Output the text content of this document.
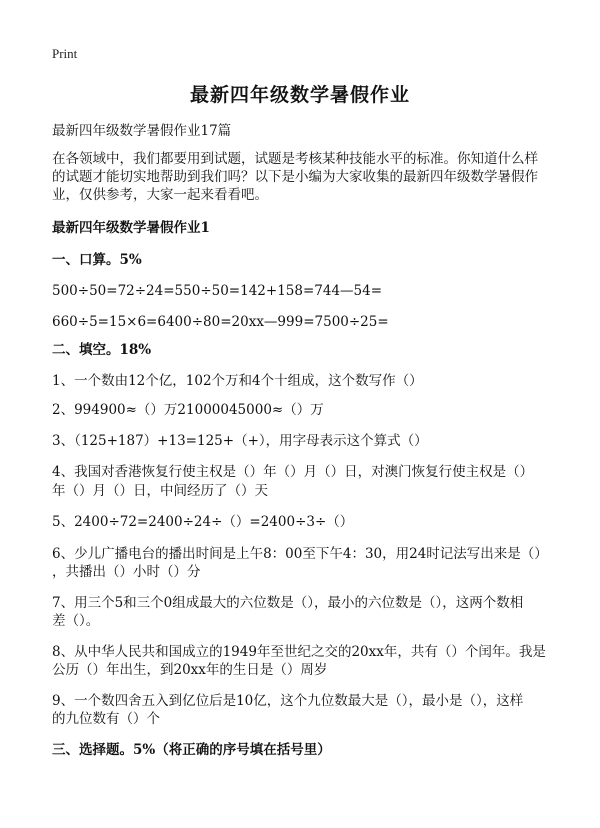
Print
最新四年级数学暑假作业
最新四年级数学暑假作业17篇
在各领域中，我们都要用到试题，试题是考核某种技能水平的标准。你知道什么样
的试题才能切实地帮助到我们吗？以下是小编为大家收集的最新四年级数学暑假作
业，仅供参考，大家一起来看看吧。
最新四年级数学暑假作业1
一、口算。5%
500÷50=72÷24=550÷50=142+158=744—54=
660÷5=15×6=6400÷80=20xx—999=7500÷25=
二、填空。18%
1、一个数由12个亿，102个万和4个十组成，这个数写作（）
2、994900≈（）万21000045000≈（）万
3、（125+187）+13=125+（+），用字母表示这个算式（）
4、我国对香港恢复行使主权是（）年（）月（）日，对澳门恢复行使主权是（）
年（）月（）日，中间经历了（）天
5、2400÷72=2400÷24÷（）=2400÷3÷（）
6、少儿广播电台的播出时间是上午8：00至下午4：30，用24时记法写出来是（）
，共播出（）小时（）分
7、用三个5和三个0组成最大的六位数是（），最小的六位数是（），这两个数相
差（）。
8、从中华人民共和国成立的1949年至世纪之交的20xx年，共有（）个闰年。我是
公历（）年出生，到20xx年的生日是（）周岁
9、一个数四舍五入到亿位后是10亿，这个九位数最大是（），最小是（），这样
的九位数有（）个
三、选择题。5%（将正确的序号填在括号里）
